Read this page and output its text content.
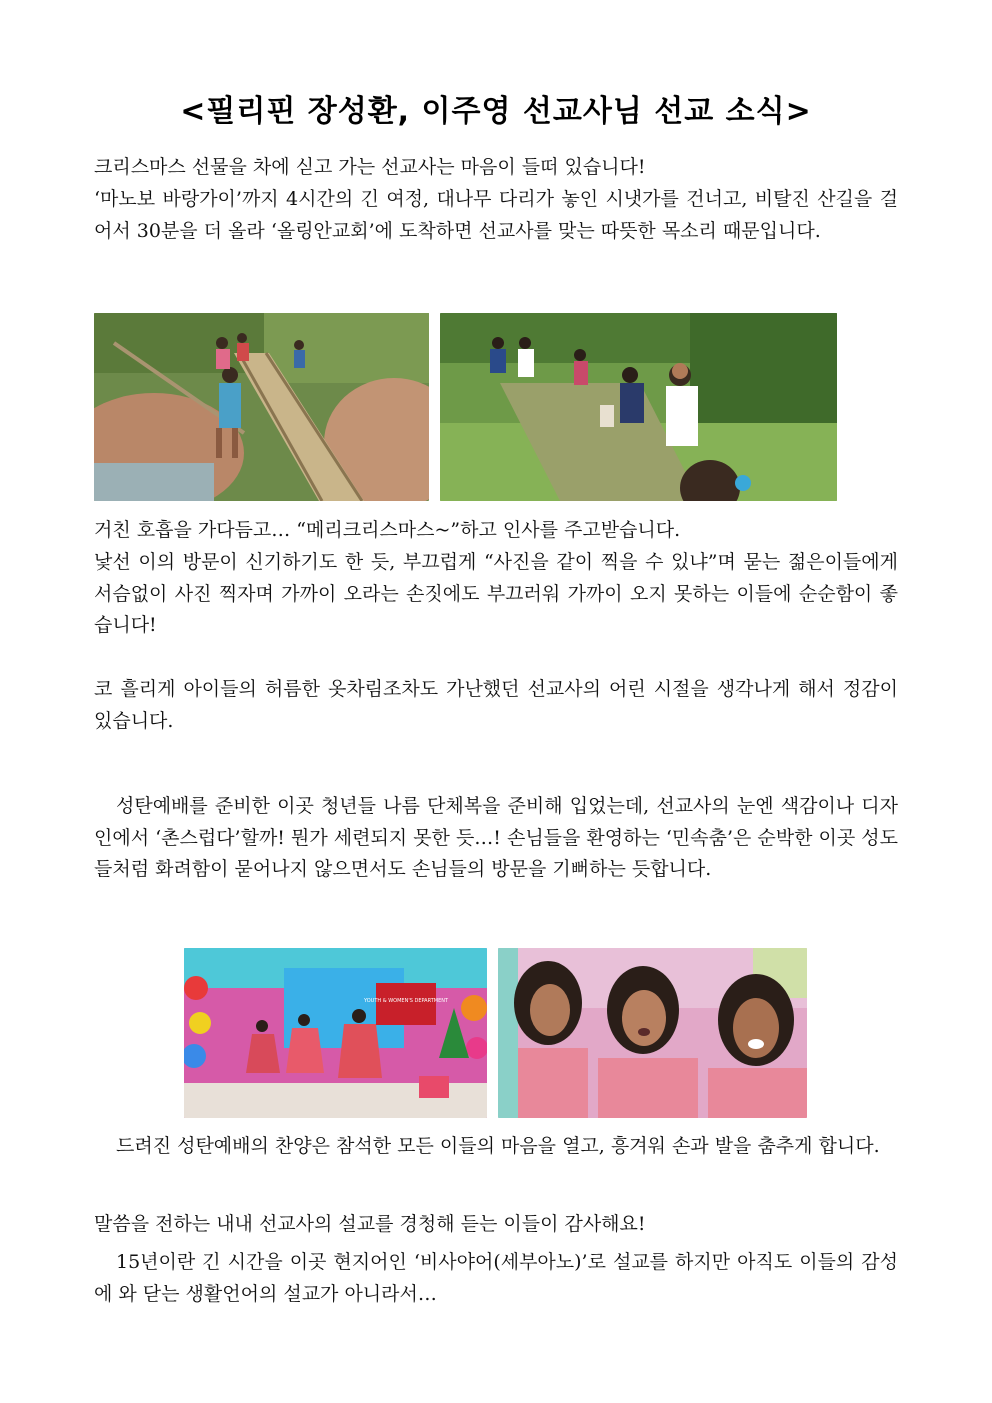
<필리핀 장성환, 이주영 선교사님 선교 소식>

크리스마스 선물을 차에 싣고 가는 선교사는 마음이 들떠 있습니다!

‘마노보 바랑가이’까지 4시간의 긴 여정, 대나무 다리가 놓인 시냇가를 건너고, 비탈진 산길을 걸어서 30분을 더 올라 ‘올링안교회’에 도착하면 선교사를 맞는 따뜻한 목소리 때문입니다.

거친 호흡을 가다듬고… “메리크리스마스~”하고 인사를 주고받습니다.

낯선 이의 방문이 신기하기도 한 듯, 부끄럽게 “사진을 같이 찍을 수 있냐”며 묻는 젊은이들에게 서슴없이 사진 찍자며 가까이 오라는 손짓에도 부끄러워 가까이 오지 못하는 이들에 순순함이 좋습니다!

코 흘리게 아이들의 허름한 옷차림조차도 가난했던 선교사의 어린 시절을 생각나게 해서 정감이 있습니다.

성탄예배를 준비한 이곳 청년들 나름 단체복을 준비해 입었는데, 선교사의 눈엔 색감이나 디자인에서 ‘촌스럽다’할까! 뭔가 세련되지 못한 듯…! 손님들을 환영하는 ‘민속춤’은 순박한 이곳 성도들처럼 화려함이 묻어나지 않으면서도 손님들의 방문을 기뻐하는 듯합니다.

YOUTH & WOMEN'S DEPARTMENT

드려진 성탄예배의 찬양은 참석한 모든 이들의 마음을 열고, 흥겨워 손과 발을 춤추게 합니다.

말씀을 전하는 내내 선교사의 설교를 경청해 듣는 이들이 감사해요!

15년이란 긴 시간을 이곳 현지어인 ‘비사야어(세부아노)’로 설교를 하지만 아직도 이들의 감성에 와 닫는 생활언어의 설교가 아니라서…
